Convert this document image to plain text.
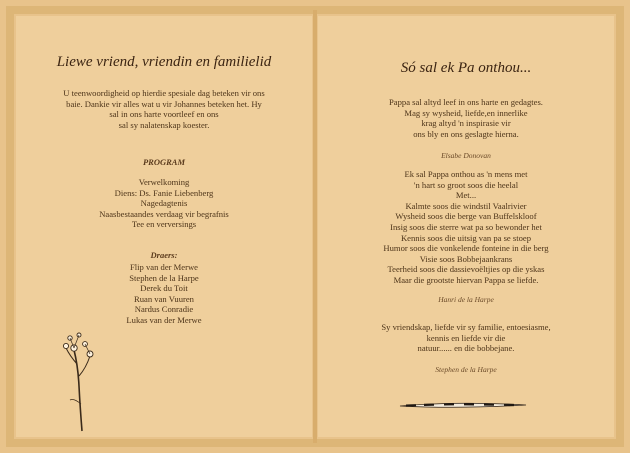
Liewe vriend, vriendin en familielid
U teenwoordigheid op hierdie spesiale dag beteken vir ons
baie. Dankie vir alles wat u vir Johannes beteken het. Hy
sal in ons harte voortleef en ons
sal sy nalatenskap koester.
PROGRAM
Verwelkoming
Diens: Ds. Fanie Liebenberg
Nagedagtenis
Naasbestaandes verdaag vir begrafnis
Tee en verversings
Draers:
Flip van der Merwe
Stephen de la Harpe
Derek du Toit
Ruan van Vuuren
Nardus Conradie
Lukas van der Merwe
Só sal ek Pa onthou...
Pappa sal altyd leef in ons harte en gedagtes.
Mag sy wysheid, liefde,en innerlike
krag altyd 'n inspirasie vir
ons bly en ons geslagte hierna.
Elsabe Donovan
Ek sal Pappa onthou as 'n mens met
'n hart so groot soos die heelal
Met...
Kalmte soos die windstil Vaalrivier
Wysheid soos die berge van Buffelskloof
Insig soos die sterre wat pa so bewonder het
Kennis soos die uitsig van pa se stoep
Humor soos die vonkelende fonteine in die berg
Visie soos Bobbejaankrans
Teerheid soos die dassievoëltjies op die yskas
Maar die grootste hiervan Pappa se liefde.
Hanri de la Harpe
Sy vriendskap, liefde vir sy familie, entoesiasme,
kennis en liefde vir die
natuur...... en die bobbejane.
Stephen de la Harpe
